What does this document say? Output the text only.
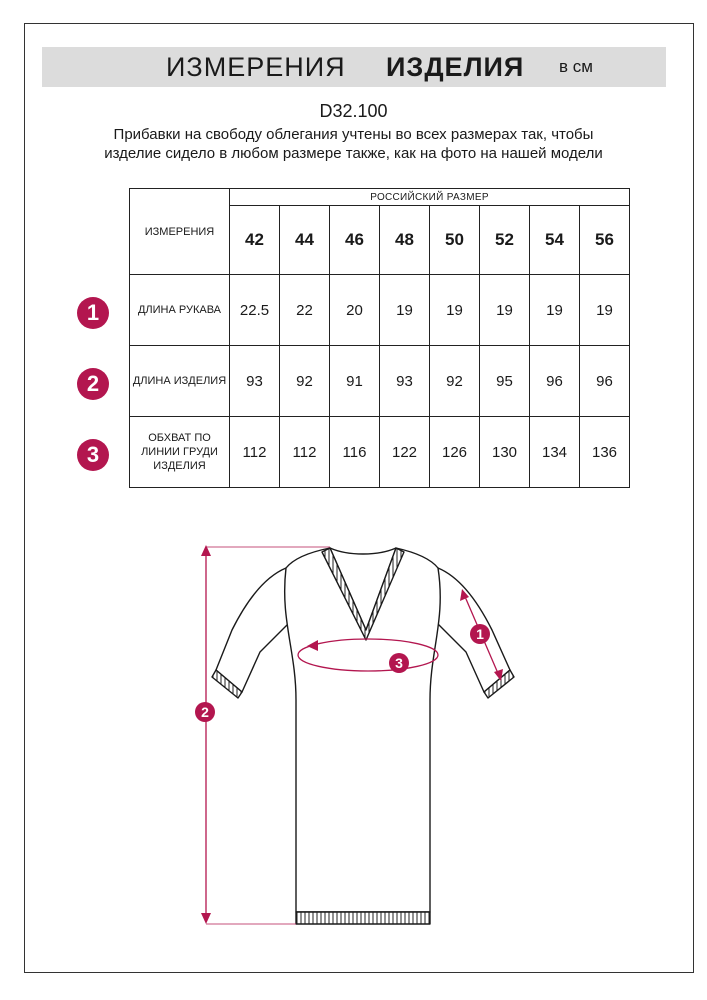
ИЗМЕРЕНИЯ ИЗДЕЛИЯ в см
D32.100
Прибавки на свободу облегания учтены во всех размерах так, чтобы изделие сидело в любом размере также, как на фото на нашей модели
ИЗМЕРЕНИЯ	РОССИЙСКИЙ РАЗМЕР							
	42	44	46	48	50	52	54	56
ДЛИНА РУКАВА	22.5	22	20	19	19	19	19	19
ДЛИНА ИЗДЕЛИЯ	93	92	91	93	92	95	96	96
ОБХВАТ ПО ЛИНИИ ГРУДИ ИЗДЕЛИЯ	112	112	116	122	126	130	134	136
1
2
3
1
2
3
